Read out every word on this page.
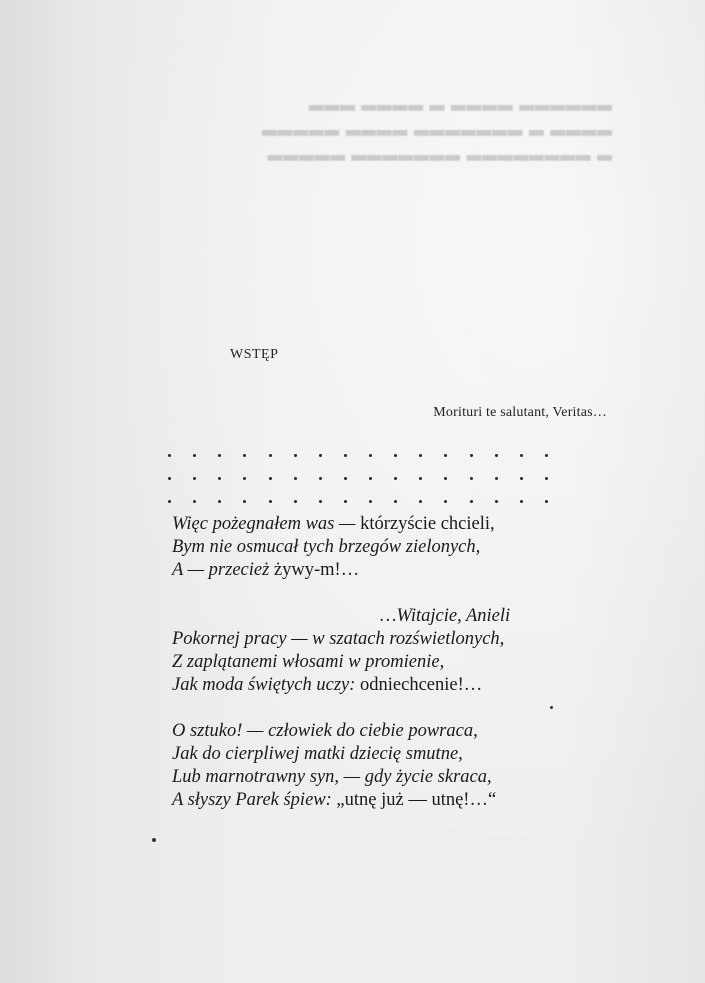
▂▂▂▂▂▂ ▂▂▂▂ ▂ ▂▂▂▂ ▂▂▂
▂▂▂▂ ▂ ▂▂▂▂▂▂▂ ▂▂▂▂ ▂▂▂▂▂
▂ ▂▂▂▂▂▂▂▂ ▂▂▂▂▂▂▂ ▂▂▂▂▂
WSTĘP
Morituri te salutant, Veritas…
Więc pożegnałem was — którzyście chcieli,
Bym nie osmucał tych brzegów zielonych,
A — przecież żywy-m!…
…Witajcie, Anieli
Pokornej pracy — w szatach rozświetlonych,
Z zaplątanemi włosami w promienie,
Jak moda świętych uczy: odniechcenie!…
O sztuko! — człowiek do ciebie powraca,
Jak do cierpliwej matki dziecię smutne,
Lub marnotrawny syn, — gdy życie skraca,
A słyszy Parek śpiew: „utnę już — utnę!…“
